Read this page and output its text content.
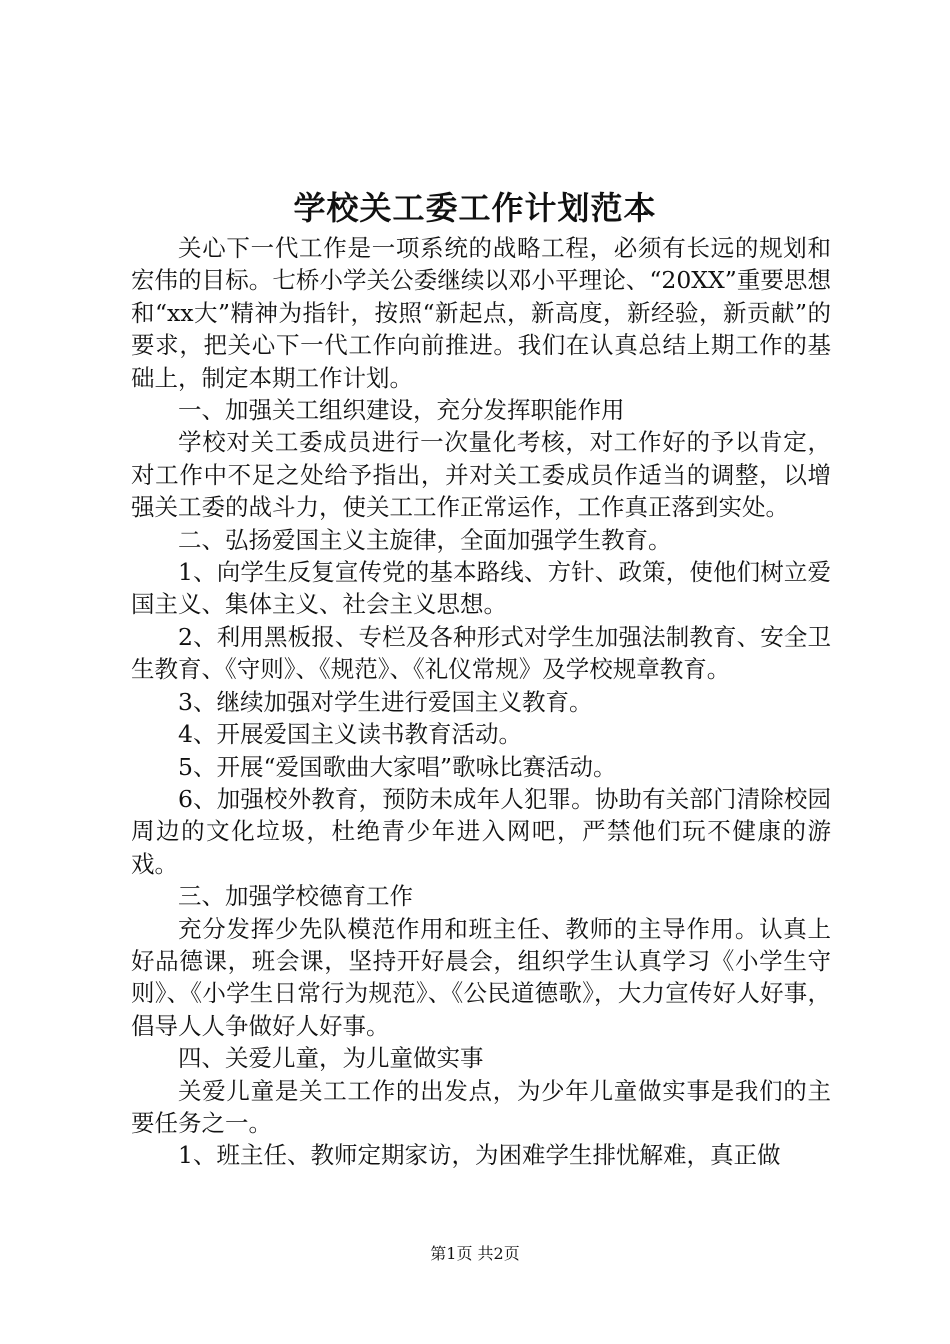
学校关工委工作计划范本

关心下一代工作是一项系统的战略工程，必须有长远的规划和宏伟的目标。七桥小学关公委继续以邓小平理论、“20XX”重要思想和“xx大”精神为指针，按照“新起点，新高度，新经验，新贡献”的要求，把关心下一代工作向前推进。我们在认真总结上期工作的基础上，制定本期工作计划。

一、加强关工组织建设，充分发挥职能作用

学校对关工委成员进行一次量化考核，对工作好的予以肯定，对工作中不足之处给予指出，并对关工委成员作适当的调整，以增强关工委的战斗力，使关工工作正常运作，工作真正落到实处。

二、弘扬爱国主义主旋律，全面加强学生教育。

1、向学生反复宣传党的基本路线、方针、政策，使他们树立爱国主义、集体主义、社会主义思想。

2、利用黑板报、专栏及各种形式对学生加强法制教育、安全卫生教育、《守则》、《规范》、《礼仪常规》及学校规章教育。

3、继续加强对学生进行爱国主义教育。

4、开展爱国主义读书教育活动。

5、开展“爱国歌曲大家唱”歌咏比赛活动。

6、加强校外教育，预防未成年人犯罪。协助有关部门清除校园周边的文化垃圾，杜绝青少年进入网吧，严禁他们玩不健康的游戏。

三、加强学校德育工作

充分发挥少先队模范作用和班主任、教师的主导作用。认真上好品德课，班会课，坚持开好晨会，组织学生认真学习《小学生守则》、《小学生日常行为规范》、《公民道德歌》，大力宣传好人好事，倡导人人争做好人好事。

四、关爱儿童，为儿童做实事

关爱儿童是关工工作的出发点，为少年儿童做实事是我们的主要任务之一。

1、班主任、教师定期家访，为困难学生排忧解难，真正做

第1页 共2页
